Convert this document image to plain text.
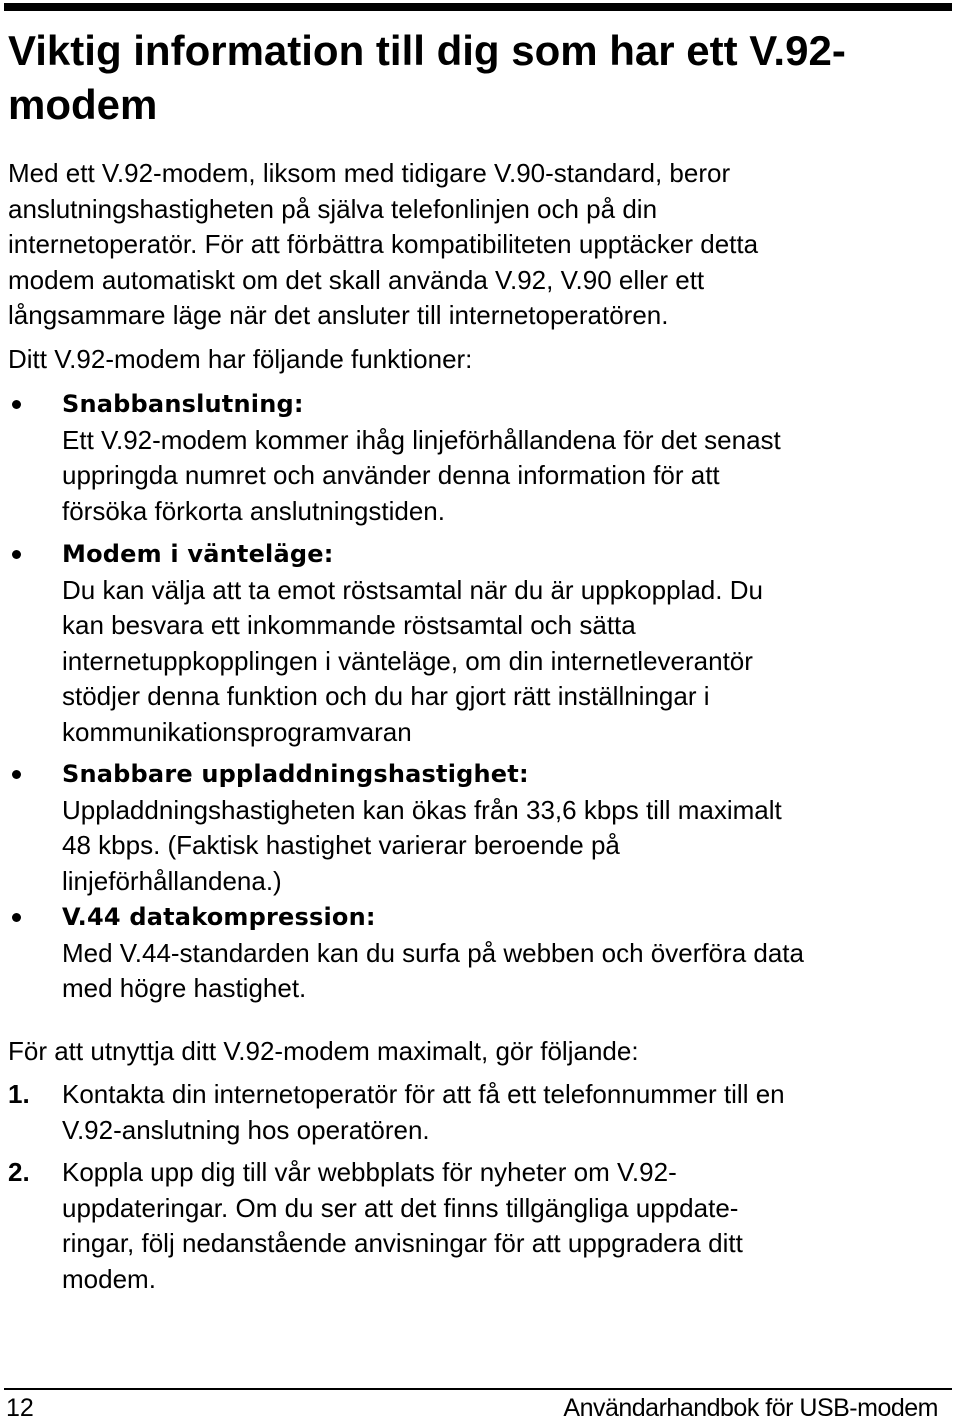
Viktig information till dig som har ett V.92-modem

Med ett V.92-modem, liksom med tidigare V.90-standard, beror
anslutningshastigheten på själva telefonlinjen och på din
internetoperatör. För att förbättra kompatibiliteten upptäcker detta
modem automatiskt om det skall använda V.92, V.90 eller ett
långsammare läge när det ansluter till internetoperatören.

Ditt V.92-modem har följande funktioner:

Snabbanslutning:
Ett V.92-modem kommer ihåg linjeförhållandena för det senast
uppringda numret och använder denna information för att
försöka förkorta anslutningstiden.
Modem i vänteläge:
Du kan välja att ta emot röstsamtal när du är uppkopplad. Du
kan besvara ett inkommande röstsamtal och sätta
internetuppkopplingen i vänteläge, om din internetleverantör
stödjer denna funktion och du har gjort rätt inställningar i
kommunikationsprogramvaran
Snabbare uppladdningshastighet:
Uppladdningshastigheten kan ökas från 33,6 kbps till maximalt
48 kbps. (Faktisk hastighet varierar beroende på
linjeförhållandena.)
V.44 datakompression:
Med V.44-standarden kan du surfa på webben och överföra data
med högre hastighet.

För att utnyttja ditt V.92-modem maximalt, gör följande:

1. Kontakta din internetoperatör för att få ett telefonnummer till en
V.92-anslutning hos operatören.
2. Koppla upp dig till vår webbplats för nyheter om V.92-
uppdateringar. Om du ser att det finns tillgängliga uppdate-
ringar, följ nedanstående anvisningar för att uppgradera ditt
modem.
12	Användarhandbok för USB-modem
